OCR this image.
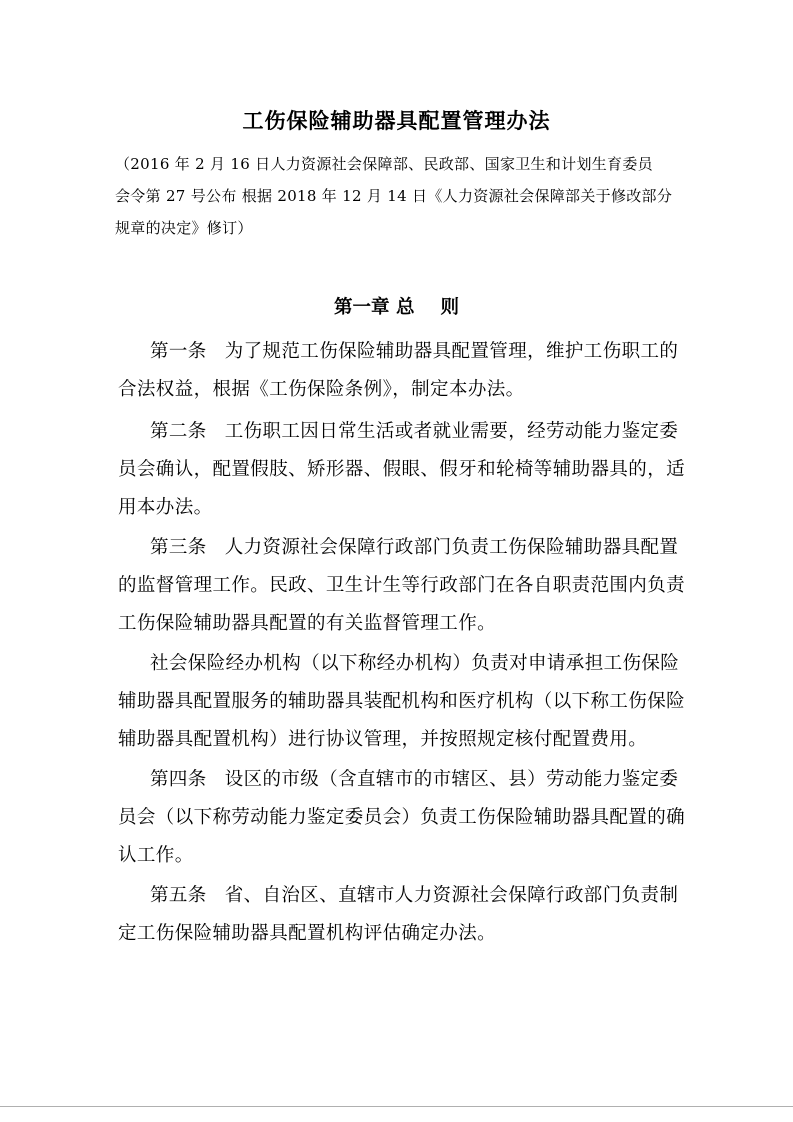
工伤保险辅助器具配置管理办法
（2016 年 2 月 16 日人力资源社会保障部、民政部、国家卫生和计划生育委员
会令第 27 号公布 根据 2018 年 12 月 14 日《人力资源社会保障部关于修改部分
规章的决定》修订）
第一章 总 则
第一条 为了规范工伤保险辅助器具配置管理，维护工伤职工的
合法权益，根据《工伤保险条例》，制定本办法。
第二条 工伤职工因日常生活或者就业需要，经劳动能力鉴定委
员会确认，配置假肢、矫形器、假眼、假牙和轮椅等辅助器具的，适
用本办法。
第三条 人力资源社会保障行政部门负责工伤保险辅助器具配置
的监督管理工作。民政、卫生计生等行政部门在各自职责范围内负责
工伤保险辅助器具配置的有关监督管理工作。
社会保险经办机构（以下称经办机构）负责对申请承担工伤保险
辅助器具配置服务的辅助器具装配机构和医疗机构（以下称工伤保险
辅助器具配置机构）进行协议管理，并按照规定核付配置费用。
第四条 设区的市级（含直辖市的市辖区、县）劳动能力鉴定委
员会（以下称劳动能力鉴定委员会）负责工伤保险辅助器具配置的确
认工作。
第五条 省、自治区、直辖市人力资源社会保障行政部门负责制
定工伤保险辅助器具配置机构评估确定办法。
